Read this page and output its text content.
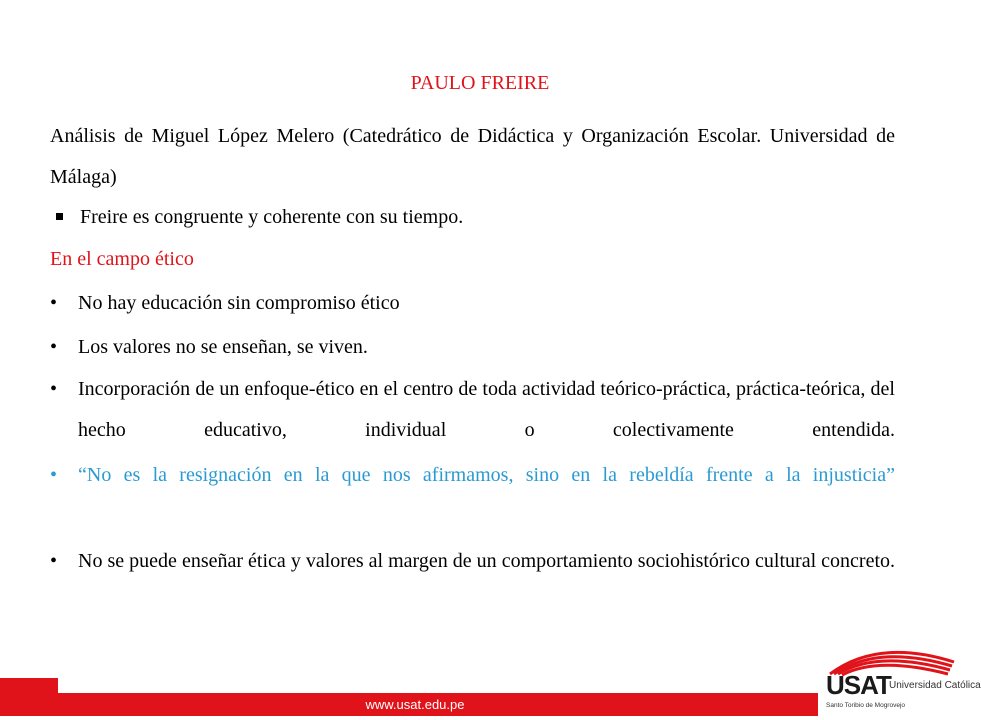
PAULO FREIRE
Análisis de Miguel López Melero (Catedrático de Didáctica y Organización Escolar. Universidad de Málaga)
Freire es congruente y coherente con su tiempo.
En el campo ético
•	No hay educación sin compromiso ético
•	Los valores no se enseñan, se viven.
•	Incorporación de un enfoque-ético en el centro de toda actividad teórico-práctica, práctica-teórica, del hecho educativo, individual o colectivamente entendida.
•	“No es la resignación en la que nos afirmamos, sino en la rebeldía frente a la injusticia”
•	No se puede enseñar ética y valores al margen de un comportamiento sociohistórico cultural concreto.
www.usat.edu.pe
USAT
Universidad Católica
Santo Toribio de Mogrovejo
